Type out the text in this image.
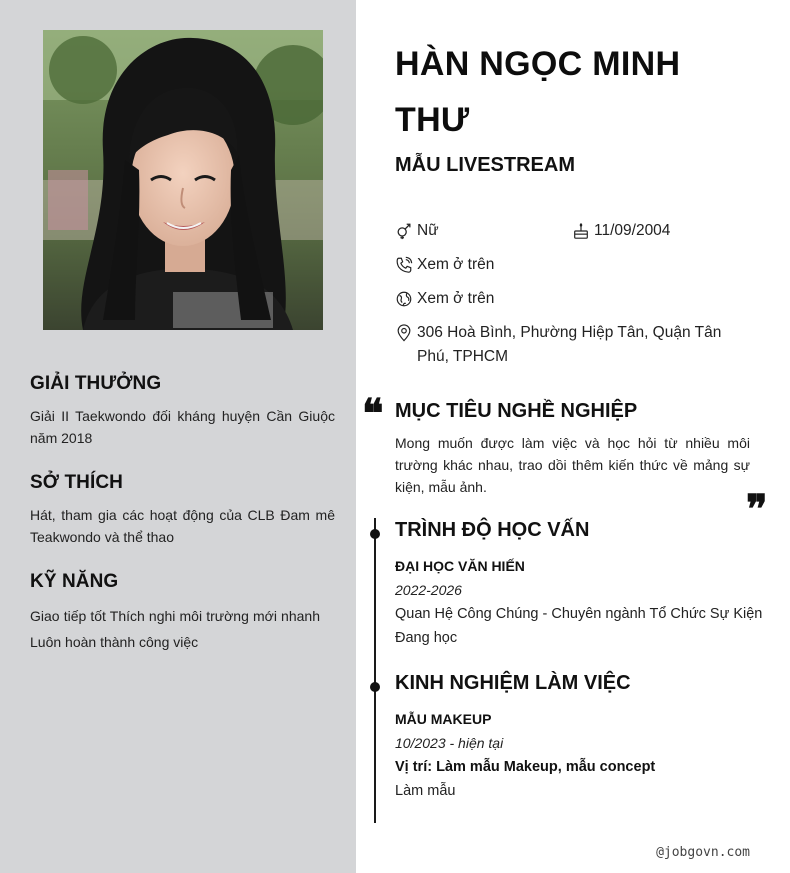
GIẢI THƯỞNG
Giải II Taekwondo đối kháng huyện Cần Giuộc năm 2018
SỞ THÍCH
Hát, tham gia các hoạt động của CLB Đam mê Teakwondo và thể thao
KỸ NĂNG
Giao tiếp tốt Thích nghi môi trường mới nhanh Luôn hoàn thành công việc
HÀN NGỌC MINH THƯ
MẪU LIVESTREAM
Nữ	11/09/2004
Xem ở trên
Xem ở trên
306 Hoà Bình, Phường Hiệp Tân, Quận Tân Phú, TPHCM
❝ MỤC TIÊU NGHỀ NGHIỆP
Mong muốn được làm việc và học hỏi từ nhiều môi trường khác nhau, trao dồi thêm kiến thức về mảng sự kiện, mẫu ảnh.	❞
TRÌNH ĐỘ HỌC VẤN
ĐẠI HỌC VĂN HIẾN
2022-2026
Quan Hệ Công Chúng - Chuyên ngành Tổ Chức Sự Kiện
Đang học
KINH NGHIỆM LÀM VIỆC
MẪU MAKEUP
10/2023 - hiện tại
Vị trí: Làm mẫu Makeup, mẫu concept
Làm mẫu
@jobgovn.com
